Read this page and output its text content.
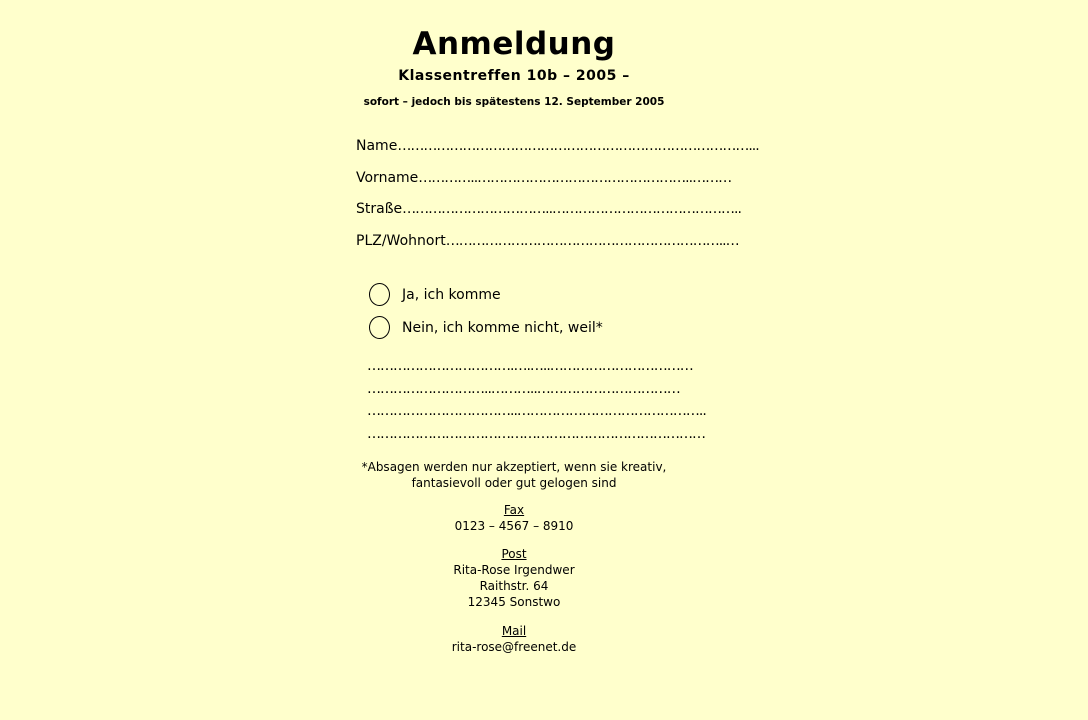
Anmeldung
Klassentreffen 10b – 2005 –
sofort – jedoch bis spätestens 12. September 2005
Name………………………………………………………………………...
Vorname…………..…………………………………………..………
Straße……………………………..……………………………………..
PLZ/Wohnort………………………………………………………..…
Ja, ich komme
Nein, ich komme nicht, weil*
…………………………….….…..……………………………
………………………..………..……………………………
……………………………..……………………………………..
……………………………………………………………………
*Absagen werden nur akzeptiert, wenn sie kreativ,
fantasievoll oder gut gelogen sind
Fax
0123 – 4567 – 8910
Post
Rita-Rose Irgendwer
Raithstr. 64
12345 Sonstwo
Mail
rita-rose@freenet.de
